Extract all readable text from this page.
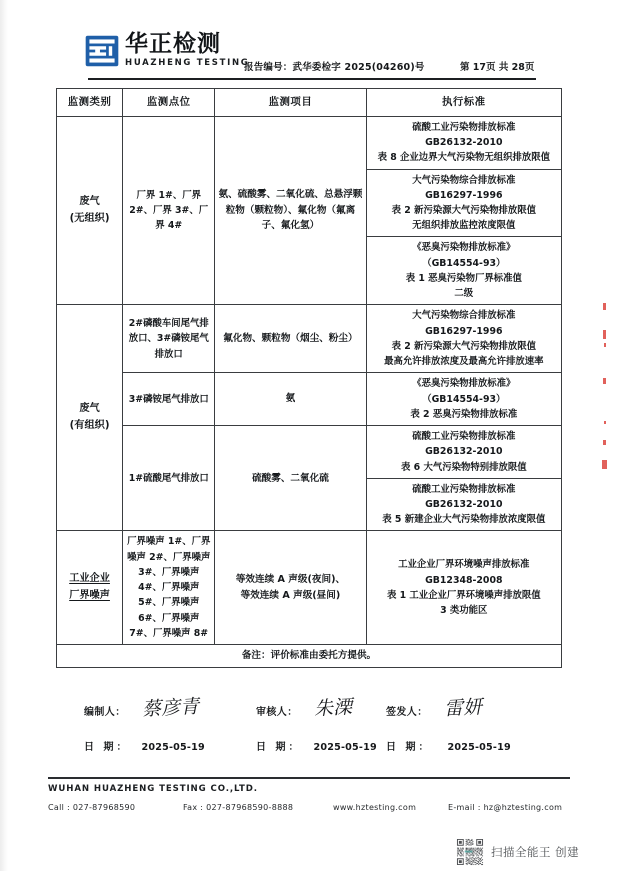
华正检测
HUAZHENG TESTING
报告编号：武华委检字 2025(04260)号	第 17页 共 28页
监测类别	监测点位	监测项目	执行标准
废气
(无组织)	厂界 1#、厂界 2#、厂界 3#、厂界 4#	氨、硫酸雾、二氧化硫、总悬浮颗粒物（颗粒物）、氟化物（氟离子、氟化氢）	硫酸工业污染物排放标准
GB26132-2010
表 8 企业边界大气污染物无组织排放限值
			大气污染物综合排放标准
GB16297-1996
表 2 新污染源大气污染物排放限值
无组织排放监控浓度限值
			《恶臭污染物排放标准》
（GB14554-93）
表 1 恶臭污染物厂界标准值
二级
废气
(有组织)	2#磷酸车间尾气排放口、3#磷铵尾气排放口	氟化物、颗粒物（烟尘、粉尘）	大气污染物综合排放标准
GB16297-1996
表 2 新污染源大气污染物排放限值
最高允许排放浓度及最高允许排放速率
	3#磷铵尾气排放口	氨	《恶臭污染物排放标准》
（GB14554-93）
表 2 恶臭污染物排放标准
	1#硫酸尾气排放口	硫酸雾、二氧化硫	硫酸工业污染物排放标准
GB26132-2010
表 6 大气污染物特别排放限值
			硫酸工业污染物排放标准
GB26132-2010
表 5 新建企业大气污染物排放浓度限值
工业企业
厂界噪声	厂界噪声 1#、厂界噪声 2#、厂界噪声 3#、厂界噪声 4#、厂界噪声 5#、厂界噪声 6#、厂界噪声 7#、厂界噪声 8#	等效连续 A 声级(夜间)、
等效连续 A 声级(昼间)	工业企业厂界环境噪声排放标准
GB12348-2008
表 1 工业企业厂界环境噪声排放限值
3 类功能区
备注：评价标准由委托方提供。			
编制人： 蔡彦青
日 期： 2025-05-19
审核人： 朱溧
日 期： 2025-05-19
签发人： 雷妍
日 期： 2025-05-19
WUHAN HUAZHENG TESTING CO.,LTD.
Call : 027-87968590	Fax : 027-87968590-8888	www.hztesting.com	E-mail : hz@hztesting.com
扫描全能王 创建
